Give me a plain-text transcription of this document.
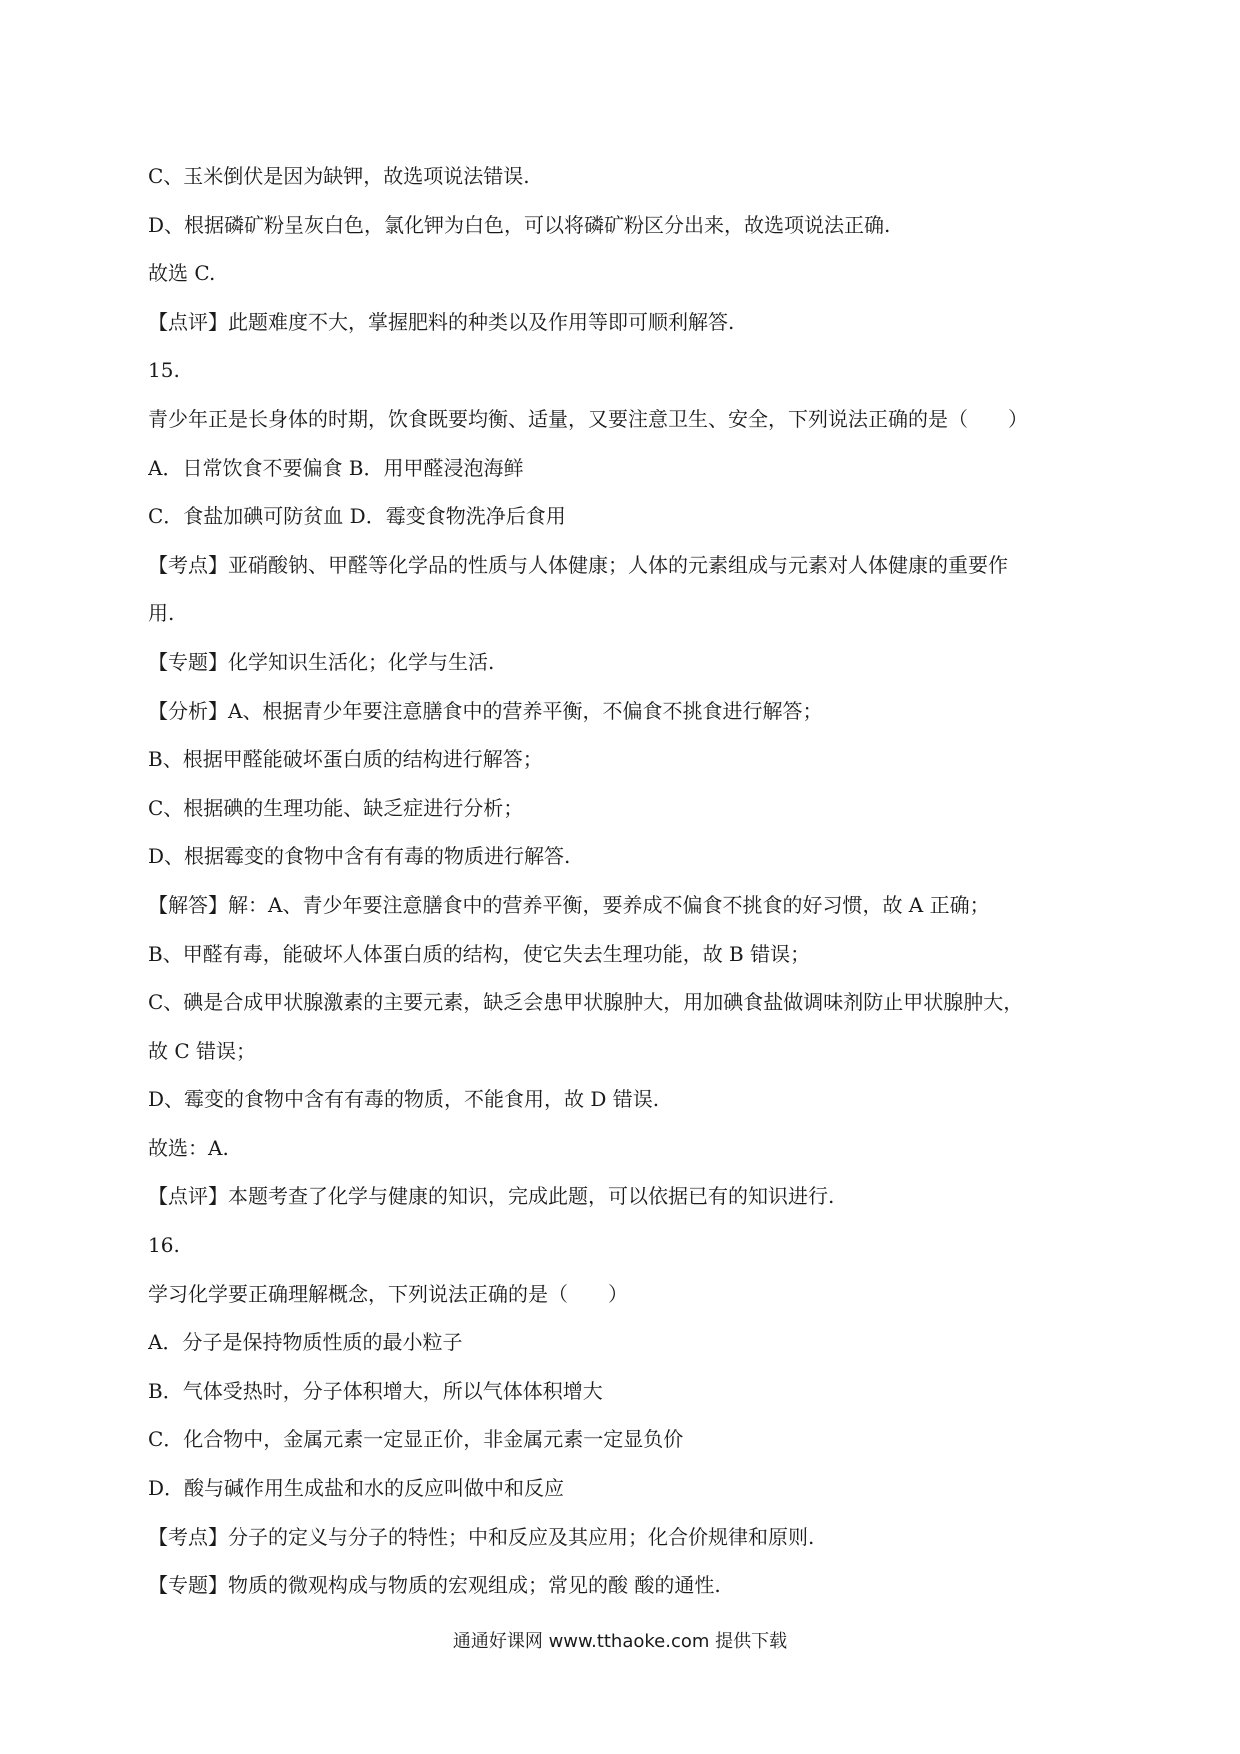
C、玉米倒伏是因为缺钾，故选项说法错误.
D、根据磷矿粉呈灰白色，氯化钾为白色，可以将磷矿粉区分出来，故选项说法正确.
故选 C.
【点评】此题难度不大，掌握肥料的种类以及作用等即可顺利解答.
15.
青少年正是长身体的时期，饮食既要均衡、适量，又要注意卫生、安全，下列说法正确的是（　　）
A．日常饮食不要偏食 B．用甲醛浸泡海鲜
C．食盐加碘可防贫血 D．霉变食物洗净后食用
【考点】亚硝酸钠、甲醛等化学品的性质与人体健康；人体的元素组成与元素对人体健康的重要作
用.
【专题】化学知识生活化；化学与生活.
【分析】A、根据青少年要注意膳食中的营养平衡，不偏食不挑食进行解答；
B、根据甲醛能破坏蛋白质的结构进行解答；
C、根据碘的生理功能、缺乏症进行分析；
D、根据霉变的食物中含有有毒的物质进行解答.
【解答】解：A、青少年要注意膳食中的营养平衡，要养成不偏食不挑食的好习惯，故 A 正确；
B、甲醛有毒，能破坏人体蛋白质的结构，使它失去生理功能，故 B 错误；
C、碘是合成甲状腺激素的主要元素，缺乏会患甲状腺肿大，用加碘食盐做调味剂防止甲状腺肿大，
故 C 错误；
D、霉变的食物中含有有毒的物质，不能食用，故 D 错误.
故选：A.
【点评】本题考查了化学与健康的知识，完成此题，可以依据已有的知识进行.
16.
学习化学要正确理解概念，下列说法正确的是（　　）
A．分子是保持物质性质的最小粒子
B．气体受热时，分子体积增大，所以气体体积增大
C．化合物中，金属元素一定显正价，非金属元素一定显负价
D．酸与碱作用生成盐和水的反应叫做中和反应
【考点】分子的定义与分子的特性；中和反应及其应用；化合价规律和原则.
【专题】物质的微观构成与物质的宏观组成；常见的酸 酸的通性.
通通好课网 www.tthaoke.com 提供下载
